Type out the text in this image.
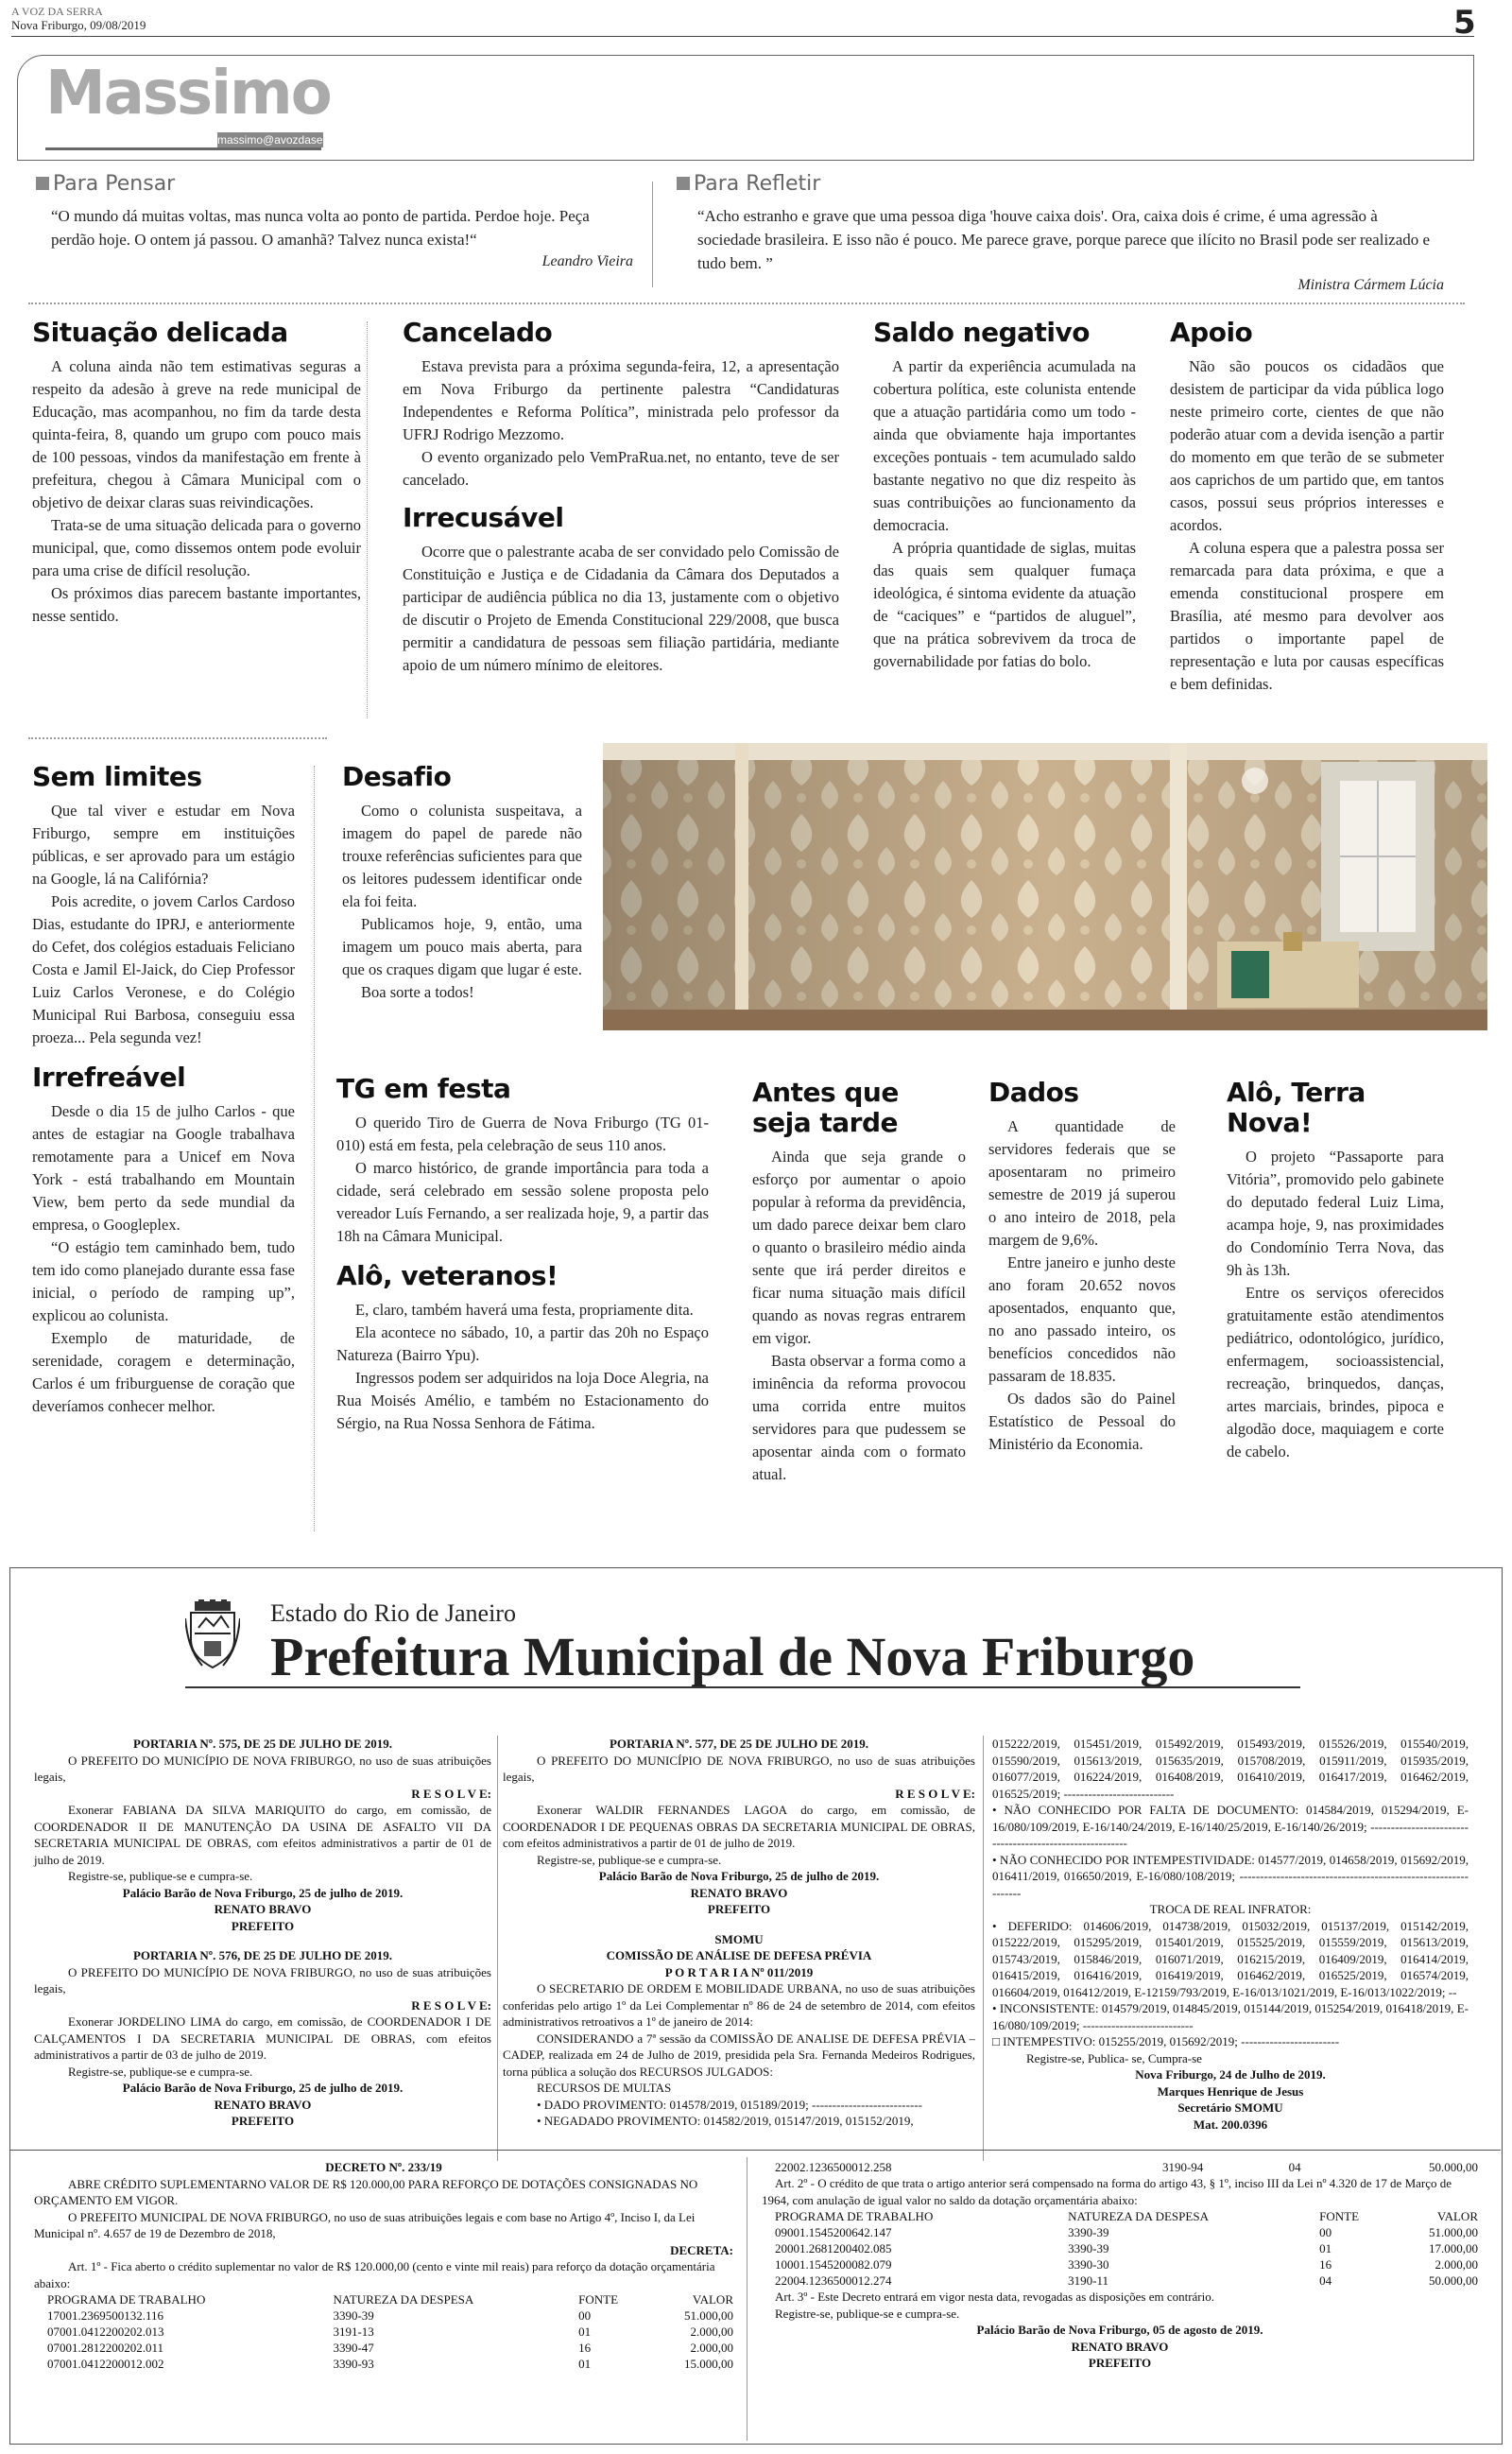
A VOZ DA SERRA
Nova Friburgo, 09/08/2019	5
Massimo
massimo@avozdaserra.com.br
Para Pensar
“O mundo dá muitas voltas, mas nunca volta ao ponto de partida. Perdoe hoje. Peça perdão hoje. O ontem já passou. O amanhã? Talvez nunca exista!“
Leandro Vieira
Para Refletir
“Acho estranho e grave que uma pessoa diga 'houve caixa dois'. Ora, caixa dois é crime, é uma agressão à sociedade brasileira. E isso não é pouco. Me parece grave, porque parece que ilícito no Brasil pode ser realizado e tudo bem. ”
Ministra Cármem Lúcia
Situação delicada

A coluna ainda não tem estimativas seguras a respeito da adesão à greve na rede municipal de Educação, mas acompanhou, no fim da tarde desta quinta-feira, 8, quando um grupo com pouco mais de 100 pessoas, vindos da manifestação em frente à prefeitura, chegou à Câmara Municipal com o objetivo de deixar claras suas reivindicações.

Trata-se de uma situação delicada para o governo municipal, que, como dissemos ontem pode evoluir para uma crise de difícil resolução.

Os próximos dias parecem bastante importantes, nesse sentido.

Cancelado

Estava prevista para a próxima segunda-feira, 12, a apresentação em Nova Friburgo da pertinente palestra “Candidaturas Independentes e Reforma Política”, ministrada pelo professor da UFRJ Rodrigo Mezzomo.

O evento organizado pelo VemPraRua.net, no entanto, teve de ser cancelado.

Irrecusável

Ocorre que o palestrante acaba de ser convidado pelo Comissão de Constituição e Justiça e de Cidadania da Câmara dos Deputados a participar de audiência pública no dia 13, justamente com o objetivo de discutir o Projeto de Emenda Constitucional 229/2008, que busca permitir a candidatura de pessoas sem filiação partidária, mediante apoio de um número mínimo de eleitores.

Saldo negativo

A partir da experiência acumulada na cobertura política, este colunista entende que a atuação partidária como um todo - ainda que obviamente haja importantes exceções pontuais - tem acumulado saldo bastante negativo no que diz respeito às suas contribuições ao funcionamento da democracia.

A própria quantidade de siglas, muitas das quais sem qualquer fumaça ideológica, é sintoma evidente da atuação de “caciques” e “partidos de aluguel”, que na prática sobrevivem da troca de governabilidade por fatias do bolo.

Apoio

Não são poucos os cidadãos que desistem de participar da vida pública logo neste primeiro corte, cientes de que não poderão atuar com a devida isenção a partir do momento em que terão de se submeter aos caprichos de um partido que, em tantos casos, possui seus próprios interesses e acordos.

A coluna espera que a palestra possa ser remarcada para data próxima, e que a emenda constitucional prospere em Brasília, até mesmo para devolver aos partidos o importante papel de representação e luta por causas específicas e bem definidas.

Sem limites

Que tal viver e estudar em Nova Friburgo, sempre em instituições públicas, e ser aprovado para um estágio na Google, lá na Califórnia?

Pois acredite, o jovem Carlos Cardoso Dias, estudante do IPRJ, e anteriormente do Cefet, dos colégios estaduais Feliciano Costa e Jamil El-Jaick, do Ciep Professor Luiz Carlos Veronese, e do Colégio Municipal Rui Barbosa, conseguiu essa proeza... Pela segunda vez!

Irrefreável

Desde o dia 15 de julho Carlos - que antes de estagiar na Google trabalhava remotamente para a Unicef em Nova York - está trabalhando em Mountain View, bem perto da sede mundial da empresa, o Googleplex.

“O estágio tem caminhado bem, tudo tem ido como planejado durante essa fase inicial, o período de ramping up”, explicou ao colunista.

Exemplo de maturidade, de serenidade, coragem e determinação, Carlos é um friburguense de coração que deveríamos conhecer melhor.

Desafio

Como o colunista suspeitava, a imagem do papel de parede não trouxe referências suficientes para que os leitores pudessem identificar onde ela foi feita.

Publicamos hoje, 9, então, uma imagem um pouco mais aberta, para que os craques digam que lugar é este.

Boa sorte a todos!

TG em festa

O querido Tiro de Guerra de Nova Friburgo (TG 01-010) está em festa, pela celebração de seus 110 anos.

O marco histórico, de grande importância para toda a cidade, será celebrado em sessão solene proposta pelo vereador Luís Fernando, a ser realizada hoje, 9, a partir das 18h na Câmara Municipal.

Alô, veteranos!

E, claro, também haverá uma festa, propriamente dita.

Ela acontece no sábado, 10, a partir das 20h no Espaço Natureza (Bairro Ypu).

Ingressos podem ser adquiridos na loja Doce Alegria, na Rua Moisés Amélio, e também no Estacionamento do Sérgio, na Rua Nossa Senhora de Fátima.

Antes que seja tarde

Ainda que seja grande o esforço por aumentar o apoio popular à reforma da previdência, um dado parece deixar bem claro o quanto o brasileiro médio ainda sente que irá perder direitos e ficar numa situação mais difícil quando as novas regras entrarem em vigor.

Basta observar a forma como a iminência da reforma provocou uma corrida entre muitos servidores para que pudessem se aposentar ainda com o formato atual.

Dados

A quantidade de servidores federais que se aposentaram no primeiro semestre de 2019 já superou o ano inteiro de 2018, pela margem de 9,6%.

Entre janeiro e junho deste ano foram 20.652 novos aposentados, enquanto que, no ano passado inteiro, os benefícios concedidos não passaram de 18.835.

Os dados são do Painel Estatístico de Pessoal do Ministério da Economia.

Alô, Terra Nova!

O projeto “Passaporte para Vitória”, promovido pelo gabinete do deputado federal Luiz Lima, acampa hoje, 9, nas proximidades do Condomínio Terra Nova, das 9h às 13h.

Entre os serviços oferecidos gratuitamente estão atendimentos pediátrico, odontológico, jurídico, enfermagem, socioassistencial, recreação, brinquedos, danças, artes marciais, brindes, pipoca e algodão doce, maquiagem e corte de cabelo.

Estado do Rio de Janeiro
Prefeitura Municipal de Nova Friburgo

PORTARIA Nº. 575, DE 25 DE JULHO DE 2019.

O PREFEITO DO MUNICÍPIO DE NOVA FRIBURGO, no uso de suas atribuições legais,

R E S O L V E:

Exonerar FABIANA DA SILVA MARIQUITO do cargo, em comissão, de COORDENADOR II DE MANUTENÇÃO DA USINA DE ASFALTO VII DA SECRETARIA MUNICIPAL DE OBRAS, com efeitos administrativos a partir de 01 de julho de 2019.

Registre-se, publique-se e cumpra-se.

Palácio Barão de Nova Friburgo, 25 de julho de 2019.

RENATO BRAVO

PREFEITO

PORTARIA Nº. 576, DE 25 DE JULHO DE 2019.

O PREFEITO DO MUNICÍPIO DE NOVA FRIBURGO, no uso de suas atribuições legais,

R E S O L V E:

Exonerar JORDELINO LIMA do cargo, em comissão, de COORDENADOR I DE CALÇAMENTOS I DA SECRETARIA MUNICIPAL DE OBRAS, com efeitos administrativos a partir de 03 de julho de 2019.

Registre-se, publique-se e cumpra-se.

Palácio Barão de Nova Friburgo, 25 de julho de 2019.

RENATO BRAVO

PREFEITO

PORTARIA Nº. 577, DE 25 DE JULHO DE 2019.

O PREFEITO DO MUNICÍPIO DE NOVA FRIBURGO, no uso de suas atribuições legais,

R E S O L V E:

Exonerar WALDIR FERNANDES LAGOA do cargo, em comissão, de COORDENADOR I DE PEQUENAS OBRAS DA SECRETARIA MUNICIPAL DE OBRAS, com efeitos administrativos a partir de 01 de julho de 2019.

Registre-se, publique-se e cumpra-se.

Palácio Barão de Nova Friburgo, 25 de julho de 2019.

RENATO BRAVO

PREFEITO

SMOMU

COMISSÃO DE ANÁLISE DE DEFESA PRÉVIA

P O R T A R I A Nº 011/2019

O SECRETARIO DE ORDEM E MOBILIDADE URBANA, no uso de suas atribuições conferidas pelo artigo 1º da Lei Complementar nº 86 de 24 de setembro de 2014, com efeitos administrativos retroativos a 1º de janeiro de 2014:

CONSIDERANDO a 7ª sessão da COMISSÃO DE ANALISE DE DEFESA PRÉVIA – CADEP, realizada em 24 de Julho de 2019, presidida pela Sra. Fernanda Medeiros Rodrigues, torna pública a solução dos RECURSOS JULGADOS:

RECURSOS DE MULTAS

• DADO PROVIMENTO: 014578/2019, 015189/2019; ---------------------------

• NEGADADO PROVIMENTO: 014582/2019, 015147/2019, 015152/2019,

015222/2019, 015451/2019, 015492/2019, 015493/2019, 015526/2019, 015540/2019, 015590/2019, 015613/2019, 015635/2019, 015708/2019, 015911/2019, 015935/2019, 016077/2019, 016224/2019, 016408/2019, 016410/2019, 016417/2019, 016462/2019, 016525/2019; ---------------------------

• NÃO CONHECIDO POR FALTA DE DOCUMENTO: 014584/2019, 015294/2019, E-16/080/109/2019, E-16/140/24/2019, E-16/140/25/2019, E-16/140/26/2019; ---------------------------------------------------------

• NÃO CONHECIDO POR INTEMPESTIVIDADE: 014577/2019, 014658/2019, 015692/2019, 016411/2019, 016650/2019, E-16/080/108/2019; ---------------------------------------------------------------

TROCA DE REAL INFRATOR:

• DEFERIDO: 014606/2019, 014738/2019, 015032/2019, 015137/2019, 015142/2019, 015222/2019, 015295/2019, 015401/2019, 015525/2019, 015559/2019, 015613/2019, 015743/2019, 015846/2019, 016071/2019, 016215/2019, 016409/2019, 016414/2019, 016415/2019, 016416/2019, 016419/2019, 016462/2019, 016525/2019, 016574/2019, 016604/2019, 016412/2019, E-12159/793/2019, E-16/013/1021/2019, E-16/013/1022/2019; --

• INCONSISTENTE: 014579/2019, 014845/2019, 015144/2019, 015254/2019, 016418/2019, E-16/080/109/2019; ---------------------------

□ INTEMPESTIVO: 015255/2019, 015692/2019; ------------------------

Registre-se, Publica- se, Cumpra-se

Nova Friburgo, 24 de Julho de 2019.

Marques Henrique de Jesus

Secretário SMOMU

Mat. 200.0396

DECRETO Nº. 233/19

ABRE CRÉDITO SUPLEMENTARNO VALOR DE R$ 120.000,00 PARA REFORÇO DE DOTAÇÕES CONSIGNADAS NO ORÇAMENTO EM VIGOR.

O PREFEITO MUNICIPAL DE NOVA FRIBURGO, no uso de suas atribuições legais e com base no Artigo 4º, Inciso I, da Lei Municipal nº. 4.657 de 19 de Dezembro de 2018,

DECRETA:

Art. 1º - Fica aberto o crédito suplementar no valor de R$ 120.000,00 (cento e vinte mil reais) para reforço da dotação orçamentária abaixo:

PROGRAMA DE TRABALHO	NATUREZA DA DESPESA	FONTE	VALOR
17001.2369500132.116	3390-39	00	51.000,00
07001.0412200202.013	3191-13	01	2.000,00
07001.2812200202.011	3390-47	16	2.000,00
07001.0412200012.002	3390-93	01	15.000,00
22002.1236500012.258	3190-94	04	50.000,00

Art. 2º - O crédito de que trata o artigo anterior será compensado na forma do artigo 43, § 1º, inciso III da Lei nº 4.320 de 17 de Março de 1964, com anulação de igual valor no saldo da dotação orçamentária abaixo:

PROGRAMA DE TRABALHO	NATUREZA DA DESPESA	FONTE	VALOR
09001.1545200642.147	3390-39	00	51.000,00
20001.2681200402.085	3390-39	01	17.000,00
10001.1545200082.079	3390-30	16	2.000,00
22004.1236500012.274	3190-11	04	50.000,00

Art. 3º - Este Decreto entrará em vigor nesta data, revogadas as disposições em contrário.

Registre-se, publique-se e cumpra-se.

Palácio Barão de Nova Friburgo, 05 de agosto de 2019.

RENATO BRAVO

PREFEITO
